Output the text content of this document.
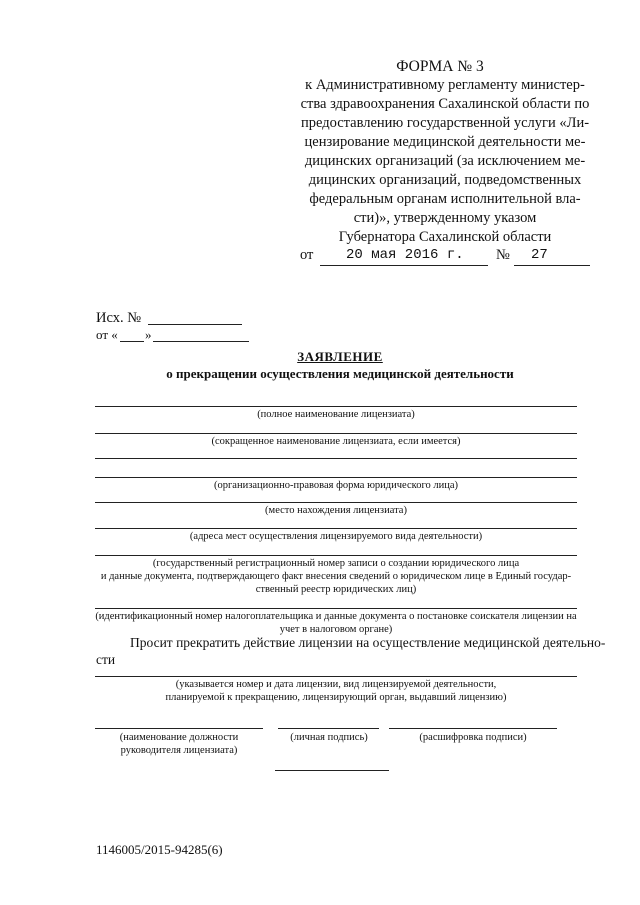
ФОРМА № 3
к Административному регламенту министер-
ства здравоохранения Сахалинской области по
предоставлению государственной услуги «Ли-
цензирование медицинской деятельности ме-
дицинских организаций (за исключением ме-
дицинских организаций, подведомственных
федеральным органам исполнительной вла-
сти)», утвержденному указом
Губернатора Сахалинской области
от 20 мая 2016 г. № 27
Исх. №
от « »
ЗАЯВЛЕНИЕ
о прекращении осуществления медицинской деятельности
(полное наименование лицензиата)
(сокращенное наименование лицензиата, если имеется)
(организационно-правовая форма юридического лица)
(место нахождения лицензиата)
(адреса мест осуществления лицензируемого вида деятельности)
(государственный регистрационный номер записи о создании юридического лица
и данные документа, подтверждающего факт внесения сведений о юридическом лице в Единый государ-
ственный реестр юридических лиц)
(идентификационный номер налогоплательщика и данные документа о постановке соискателя лицензии на
учет в налоговом органе)
Просит прекратить действие лицензии на осуществление медицинской деятельно-
сти
(указывается номер и дата лицензии, вид лицензируемой деятельности,
планируемой к прекращению, лицензирующий орган, выдавший лицензию)
(наименование должности
руководителя лицензиата)
(личная подпись)	(расшифровка подписи)
1146005/2015-94285(6)
